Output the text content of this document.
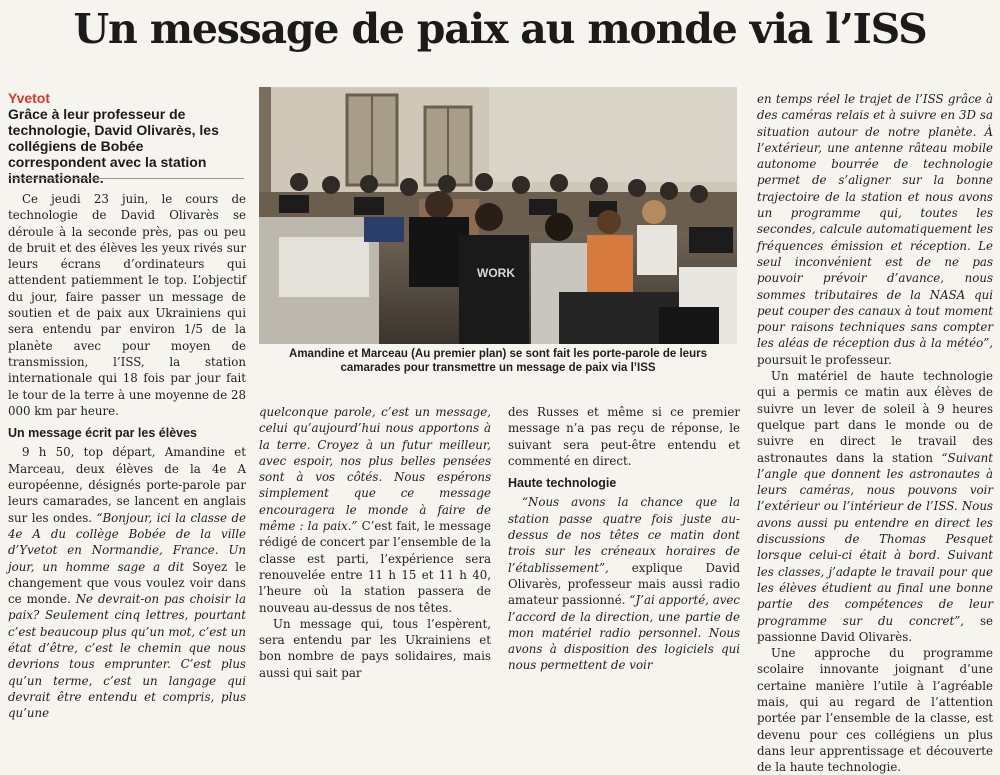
Un message de paix au monde via l’ISS
Yvetot
Grâce à leur professeur de technologie, David Olivarès, les collégiens de Bobée correspondent avec la station internationale.

Ce jeudi 23 juin, le cours de technologie de David Olivarès se déroule à la seconde près, pas ou peu de bruit et des élèves les yeux rivés sur leurs écrans d’ordinateurs qui attendent patiemment le top. L’objectif du jour, faire passer un message de soutien et de paix aux Ukrainiens qui sera entendu par environ 1/5 de la planète avec pour moyen de transmission, l’ISS, la station internationale qui 18 fois par jour fait le tour de la terre à une moyenne de 28 000 km par heure.

Un message écrit par les élèves

9 h 50, top départ, Amandine et Marceau, deux élèves de la 4e A européenne, désignés porte-parole par leurs camarades, se lancent en anglais sur les ondes. “Bonjour, ici la classe de 4e A du collège Bobée de la ville d’Yvetot en Normandie, France. Un jour, un homme sage a dit Soyez le changement que vous voulez voir dans ce monde. Ne devrait-on pas choisir la paix? Seulement cinq lettres, pourtant c’est beaucoup plus qu’un mot, c’est un état d’être, c’est le chemin que nous devrions tous emprunter. C’est plus qu’un terme, c’est un langage qui devrait être entendu et compris, plus qu’une

WORK
Amandine et Marceau (Au premier plan) se sont fait les porte-parole de leurs camarades pour transmettre un message de paix via l’ISS

quelconque parole, c’est un message, celui qu’aujourd’hui nous apportons à la terre. Croyez à un futur meilleur, avec espoir, nos plus belles pensées sont à vos côtés. Nous espérons simplement que ce message encouragera le monde à faire de même : la paix.” C’est fait, le message rédigé de concert par l’ensemble de la classe est parti, l’expérience sera renouvelée entre 11 h 15 et 11 h 40, l’heure où la station passera de nouveau au-dessus de nos têtes.

Un message qui, tous l’espèrent, sera entendu par les Ukrainiens et bon nombre de pays solidaires, mais aussi qui sait par

des Russes et même si ce premier message n’a pas reçu de réponse, le suivant sera peut-être entendu et commenté en direct.

Haute technologie

“Nous avons la chance que la station passe quatre fois juste au-dessus de nos têtes ce matin dont trois sur les créneaux horaires de l’établissement”, explique David Olivarès, professeur mais aussi radio amateur passionné. “J’ai apporté, avec l’accord de la direction, une partie de mon matériel radio personnel. Nous avons à disposition des logiciels qui nous permettent de voir

en temps réel le trajet de l’ISS grâce à des caméras relais et à suivre en 3D sa situation autour de notre planète. À l’extérieur, une antenne râteau mobile autonome bourrée de technologie permet de s’aligner sur la bonne trajectoire de la station et nous avons un programme qui, toutes les secondes, calcule automatiquement les fréquences émission et réception. Le seul inconvénient est de ne pas pouvoir prévoir d’avance, nous sommes tributaires de la NASA qui peut couper des canaux à tout moment pour raisons techniques sans compter les aléas de réception dus à la météo”, poursuit le professeur.

Un matériel de haute technologie qui a permis ce matin aux élèves de suivre un lever de soleil à 9 heures quelque part dans le monde ou de suivre en direct le travail des astronautes dans la station “Suivant l’angle que donnent les astronautes à leurs caméras, nous pouvons voir l’extérieur ou l’intérieur de l’ISS. Nous avons aussi pu entendre en direct les discussions de Thomas Pesquet lorsque celui-ci était à bord. Suivant les classes, j’adapte le travail pour que les élèves étudient au final une bonne partie des compétences de leur programme sur du concret”, se passionne David Olivarès.

Une approche du programme scolaire innovante joignant d’une certaine manière l’utile à l’agréable mais, qui au regard de l’attention portée par l’ensemble de la classe, est devenu pour ces collégiens un plus dans leur apprentissage et découverte de la haute technologie.
